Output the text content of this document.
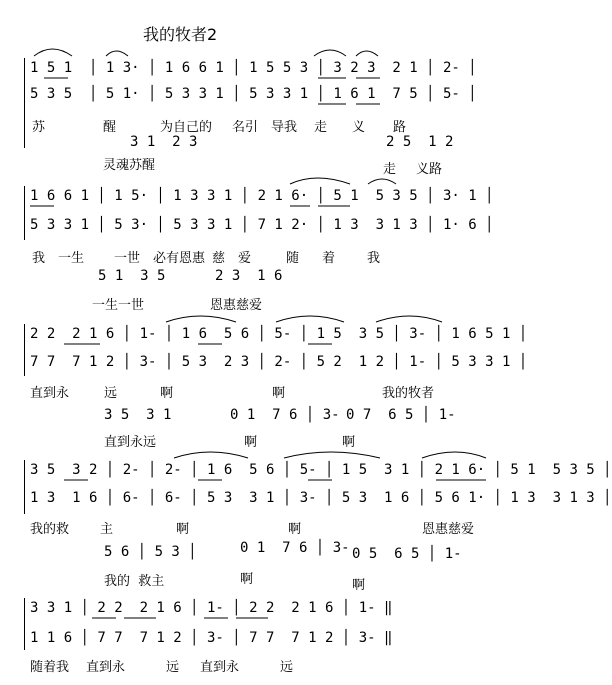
我的牧者2
1 5 1  │ 1 3· │ 1 6 6 1 │ 1 5 5 3 │ 3 2 3  2 1 │ 2- │
5 3 5  │ 5 1· │ 5 3 3 1 │ 5 3 3 1 │ 1 6 1  7 5 │ 5- │
苏	醒	为自己的 名引 导我 走 义 路
3 1  2 3
灵魂苏醒
2 5  1 2
走 义路
1 6 6 1 │ 1 5· │ 1 3 3 1 │ 2 1 6· │ 5 1  5 3 5 │ 3· 1 │
5 3 3 1 │ 5 3· │ 5 3 3 1 │ 7 1 2· │ 1 3  3 1 3 │ 1· 6 │
我 一生 一世 必有恩惠 慈 爱	随 着 我
5 1  3 5
一生一世
2 3  1 6
恩惠慈爱
2 2  2 1 6 │ 1- │ 1 6  5 6 │ 5- │ 1 5  3 5 │ 3- │ 1 6 5 1 │
7 7  7 1 2 │ 3- │ 5 3  2 3 │ 2- │ 5 2  1 2 │ 1- │ 5 3 3 1 │
直到永	远	啊	啊	我的牧者
3 5  3 1
直到永远
0 1  7 6 │ 3-
啊
0 7  6 5 │ 1-
啊
3 5  3 2 │ 2- │ 2- │ 1 6  5 6 │ 5- │ 1 5  3 1 │ 2 1 6· │ 5 1  5 3 5 │
1 3  1 6 │ 6- │ 6- │ 5 3  3 1 │ 3- │ 5 3  1 6 │ 5 6 1· │ 1 3  3 1 3 │
我的救 主	啊	啊	恩惠慈爱
5 6 │ 5 3 │
我的  救主
0 1  7 6 │ 3-
啊
0 5  6 5 │ 1-
啊
3 3 1 │ 2 2  2 1 6 │ 1- │ 2 2  2 1 6 │ 1- ‖
1 1 6 │ 7 7  7 1 2 │ 3- │ 7 7  7 1 2 │ 3- ‖
随着我 直到永	远 直到永	远
